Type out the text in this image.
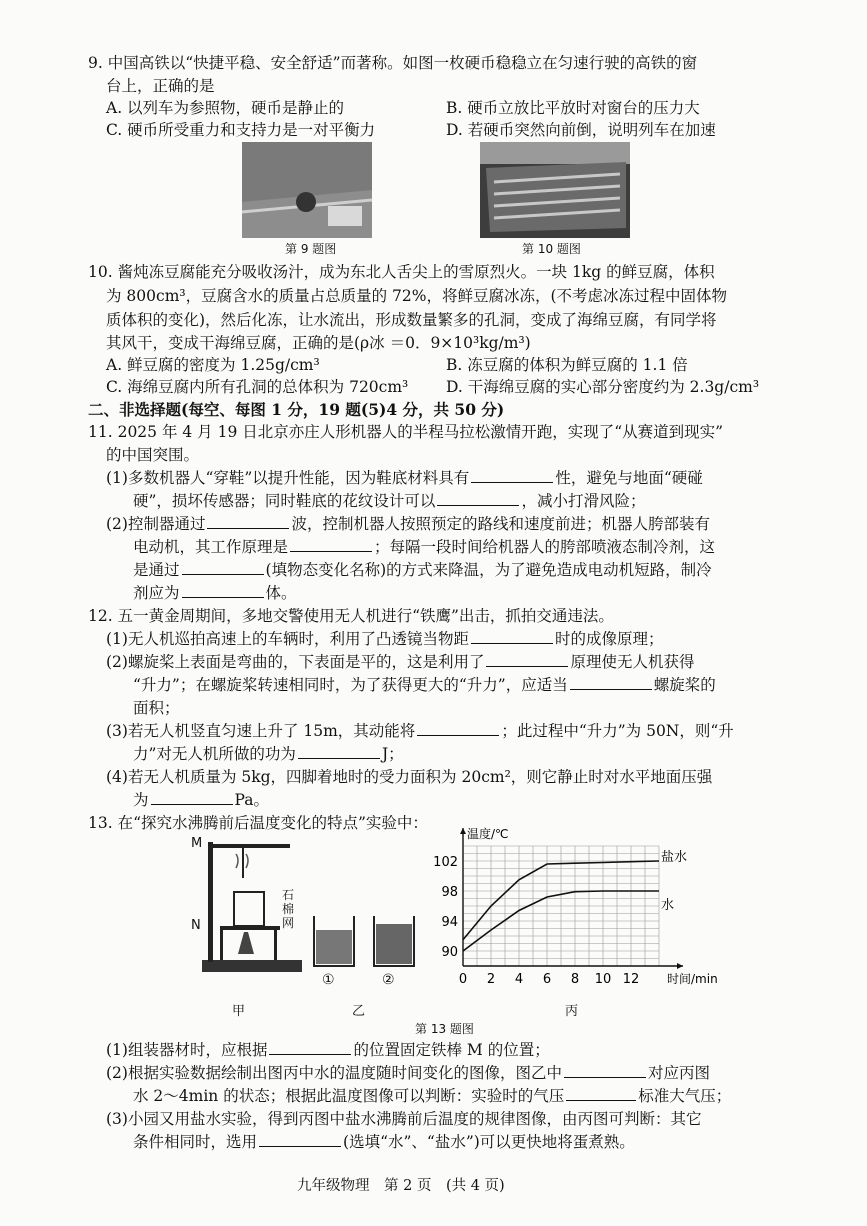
9. 中国高铁以“快捷平稳、安全舒适”而著称。如图一枚硬币稳稳立在匀速行驶的高铁的窗
台上，正确的是
A. 以列车为参照物，硬币是静止的	B. 硬币立放比平放时对窗台的压力大
C. 硬币所受重力和支持力是一对平衡力	D. 若硬币突然向前倒，说明列车在加速
第 9 题图	第 10 题图
10. 酱炖冻豆腐能充分吸收汤汁，成为东北人舌尖上的雪原烈火。一块 1kg 的鲜豆腐，体积
为 800cm³，豆腐含水的质量占总质量的 72%，将鲜豆腐冰冻，(不考虑冰冻过程中固体物
质体积的变化)，然后化冻，让水流出，形成数量繁多的孔洞，变成了海绵豆腐，有同学将
其风干，变成干海绵豆腐，正确的是(ρ冰 ＝0．9×10³kg/m³)
A. 鲜豆腐的密度为 1.25g/cm³	B. 冻豆腐的体积为鲜豆腐的 1.1 倍
C. 海绵豆腐内所有孔洞的总体积为 720cm³ D. 干海绵豆腐的实心部分密度约为 2.3g/cm³
二、非选择题(每空、每图 1 分，19 题(5)4 分，共 50 分)
11. 2025 年 4 月 19 日北京亦庄人形机器人的半程马拉松激情开跑，实现了“从赛道到现实”
的中国突围。
(1)多数机器人“穿鞋”以提升性能，因为鞋底材料具有	性，避免与地面“硬碰
硬”，损坏传感器；同时鞋底的花纹设计可以	，减小打滑风险；
(2)控制器通过	波，控制机器人按照预定的路线和速度前进；机器人胯部装有
电动机，其工作原理是	；每隔一段时间给机器人的胯部喷液态制冷剂，这
是通过	(填物态变化名称)的方式来降温，为了避免造成电动机短路，制冷
剂应为	体。
12. 五一黄金周期间，多地交警使用无人机进行“铁鹰”出击，抓拍交通违法。
(1)无人机巡拍高速上的车辆时，利用了凸透镜当物距	时的成像原理；
(2)螺旋桨上表面是弯曲的，下表面是平的，这是利用了	原理使无人机获得
“升力”；在螺旋桨转速相同时，为了获得更大的“升力”，应适当	螺旋桨的
面积；
(3)若无人机竖直匀速上升了 15m，其动能将	；此过程中“升力”为 50N，则“升
力”对无人机所做的功为	J；
(4)若无人机质量为 5kg，四脚着地时的受力面积为 20cm²，则它静止时对水平地面压强
为	Pa。
13. 在“探究水沸腾前后温度变化的特点”实验中：
M
N
石
棉
网
①	②
甲	乙
0 2 4 6 8 10 12
90
94
98
102
温度/℃
时间/min
盐水
水
丙
第 13 题图
(1)组装器材时，应根据	的位置固定铁棒 M 的位置；
(2)根据实验数据绘制出图丙中水的温度随时间变化的图像，图乙中	对应丙图
水 2～4min 的状态；根据此温度图像可以判断：实验时的气压	标准大气压；
(3)小园又用盐水实验，得到丙图中盐水沸腾前后温度的规律图像，由丙图可判断：其它
条件相同时，选用	(选填“水”、“盐水”)可以更快地将蛋煮熟。
九年级物理　第 2 页　(共 4 页)
